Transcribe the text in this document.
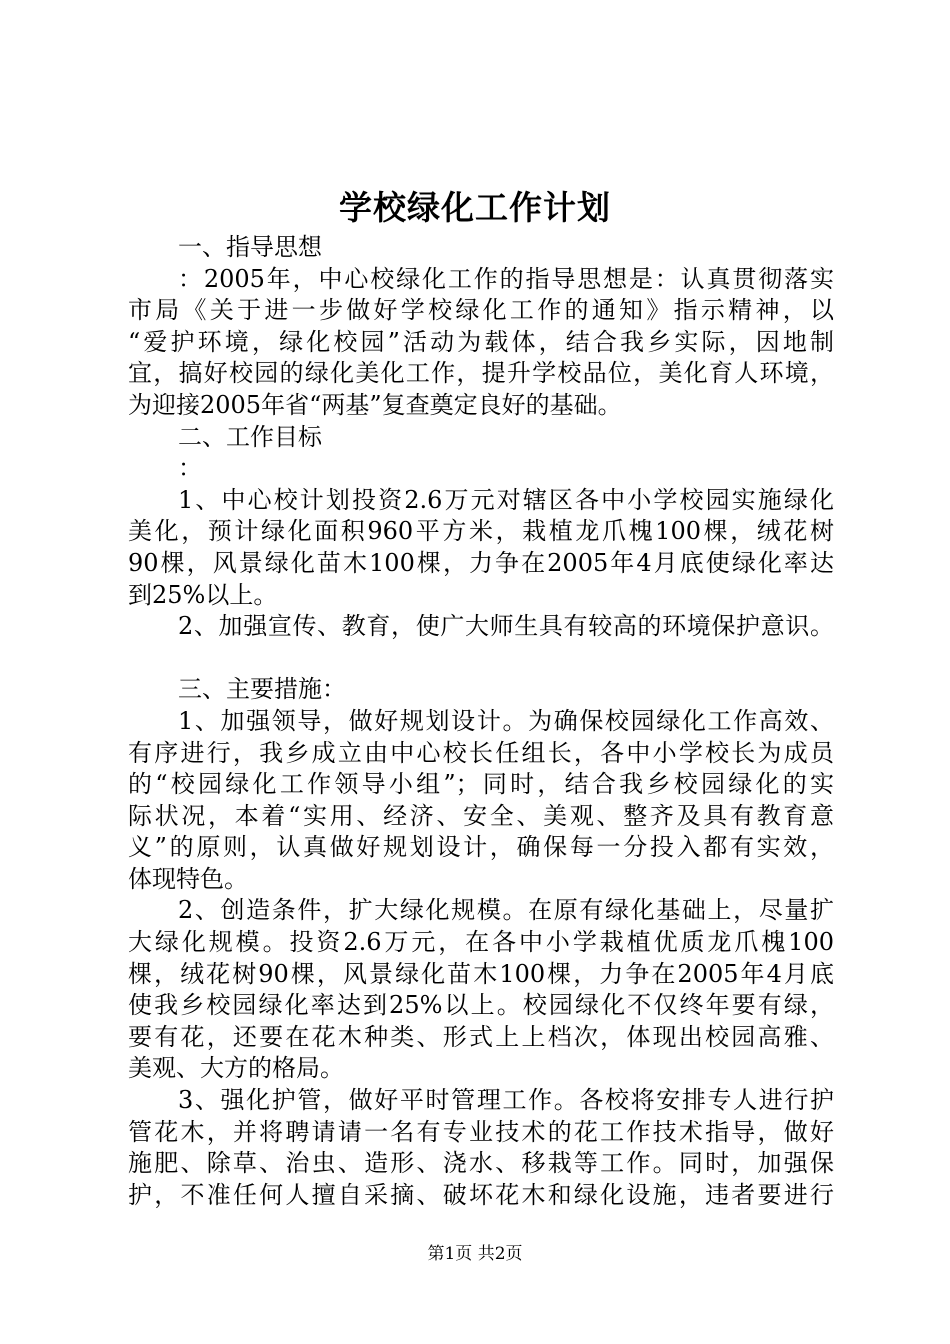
学校绿化工作计划
一、指导思想
：2005年，中心校绿化工作的指导思想是：认真贯彻落实
市局《关于进一步做好学校绿化工作的通知》指示精神，以
“爱护环境，绿化校园”活动为载体，结合我乡实际，因地制
宜，搞好校园的绿化美化工作，提升学校品位，美化育人环境，
为迎接2005年省“两基”复查奠定良好的基础。
二、工作目标
：
1、中心校计划投资2.6万元对辖区各中小学校园实施绿化
美化，预计绿化面积960平方米，栽植龙爪槐100棵，绒花树
90棵，风景绿化苗木100棵，力争在2005年4月底使绿化率达
到25%以上。
2、加强宣传、教育，使广大师生具有较高的环境保护意识。
三、主要措施：
1、加强领导，做好规划设计。为确保校园绿化工作高效、
有序进行，我乡成立由中心校长任组长，各中小学校长为成员
的“校园绿化工作领导小组”；同时，结合我乡校园绿化的实
际状况，本着“实用、经济、安全、美观、整齐及具有教育意
义”的原则，认真做好规划设计，确保每一分投入都有实效，
体现特色。
2、创造条件，扩大绿化规模。在原有绿化基础上，尽量扩
大绿化规模。投资2.6万元，在各中小学栽植优质龙爪槐100
棵，绒花树90棵，风景绿化苗木100棵，力争在2005年4月底
使我乡校园绿化率达到25%以上。校园绿化不仅终年要有绿，
要有花，还要在花木种类、形式上上档次，体现出校园高雅、
美观、大方的格局。
3、强化护管，做好平时管理工作。各校将安排专人进行护
管花木，并将聘请请一名有专业技术的花工作技术指导，做好
施肥、除草、治虫、造形、浇水、移栽等工作。同时，加强保
护，不准任何人擅自采摘、破坏花木和绿化设施，违者要进行
第1页 共2页
